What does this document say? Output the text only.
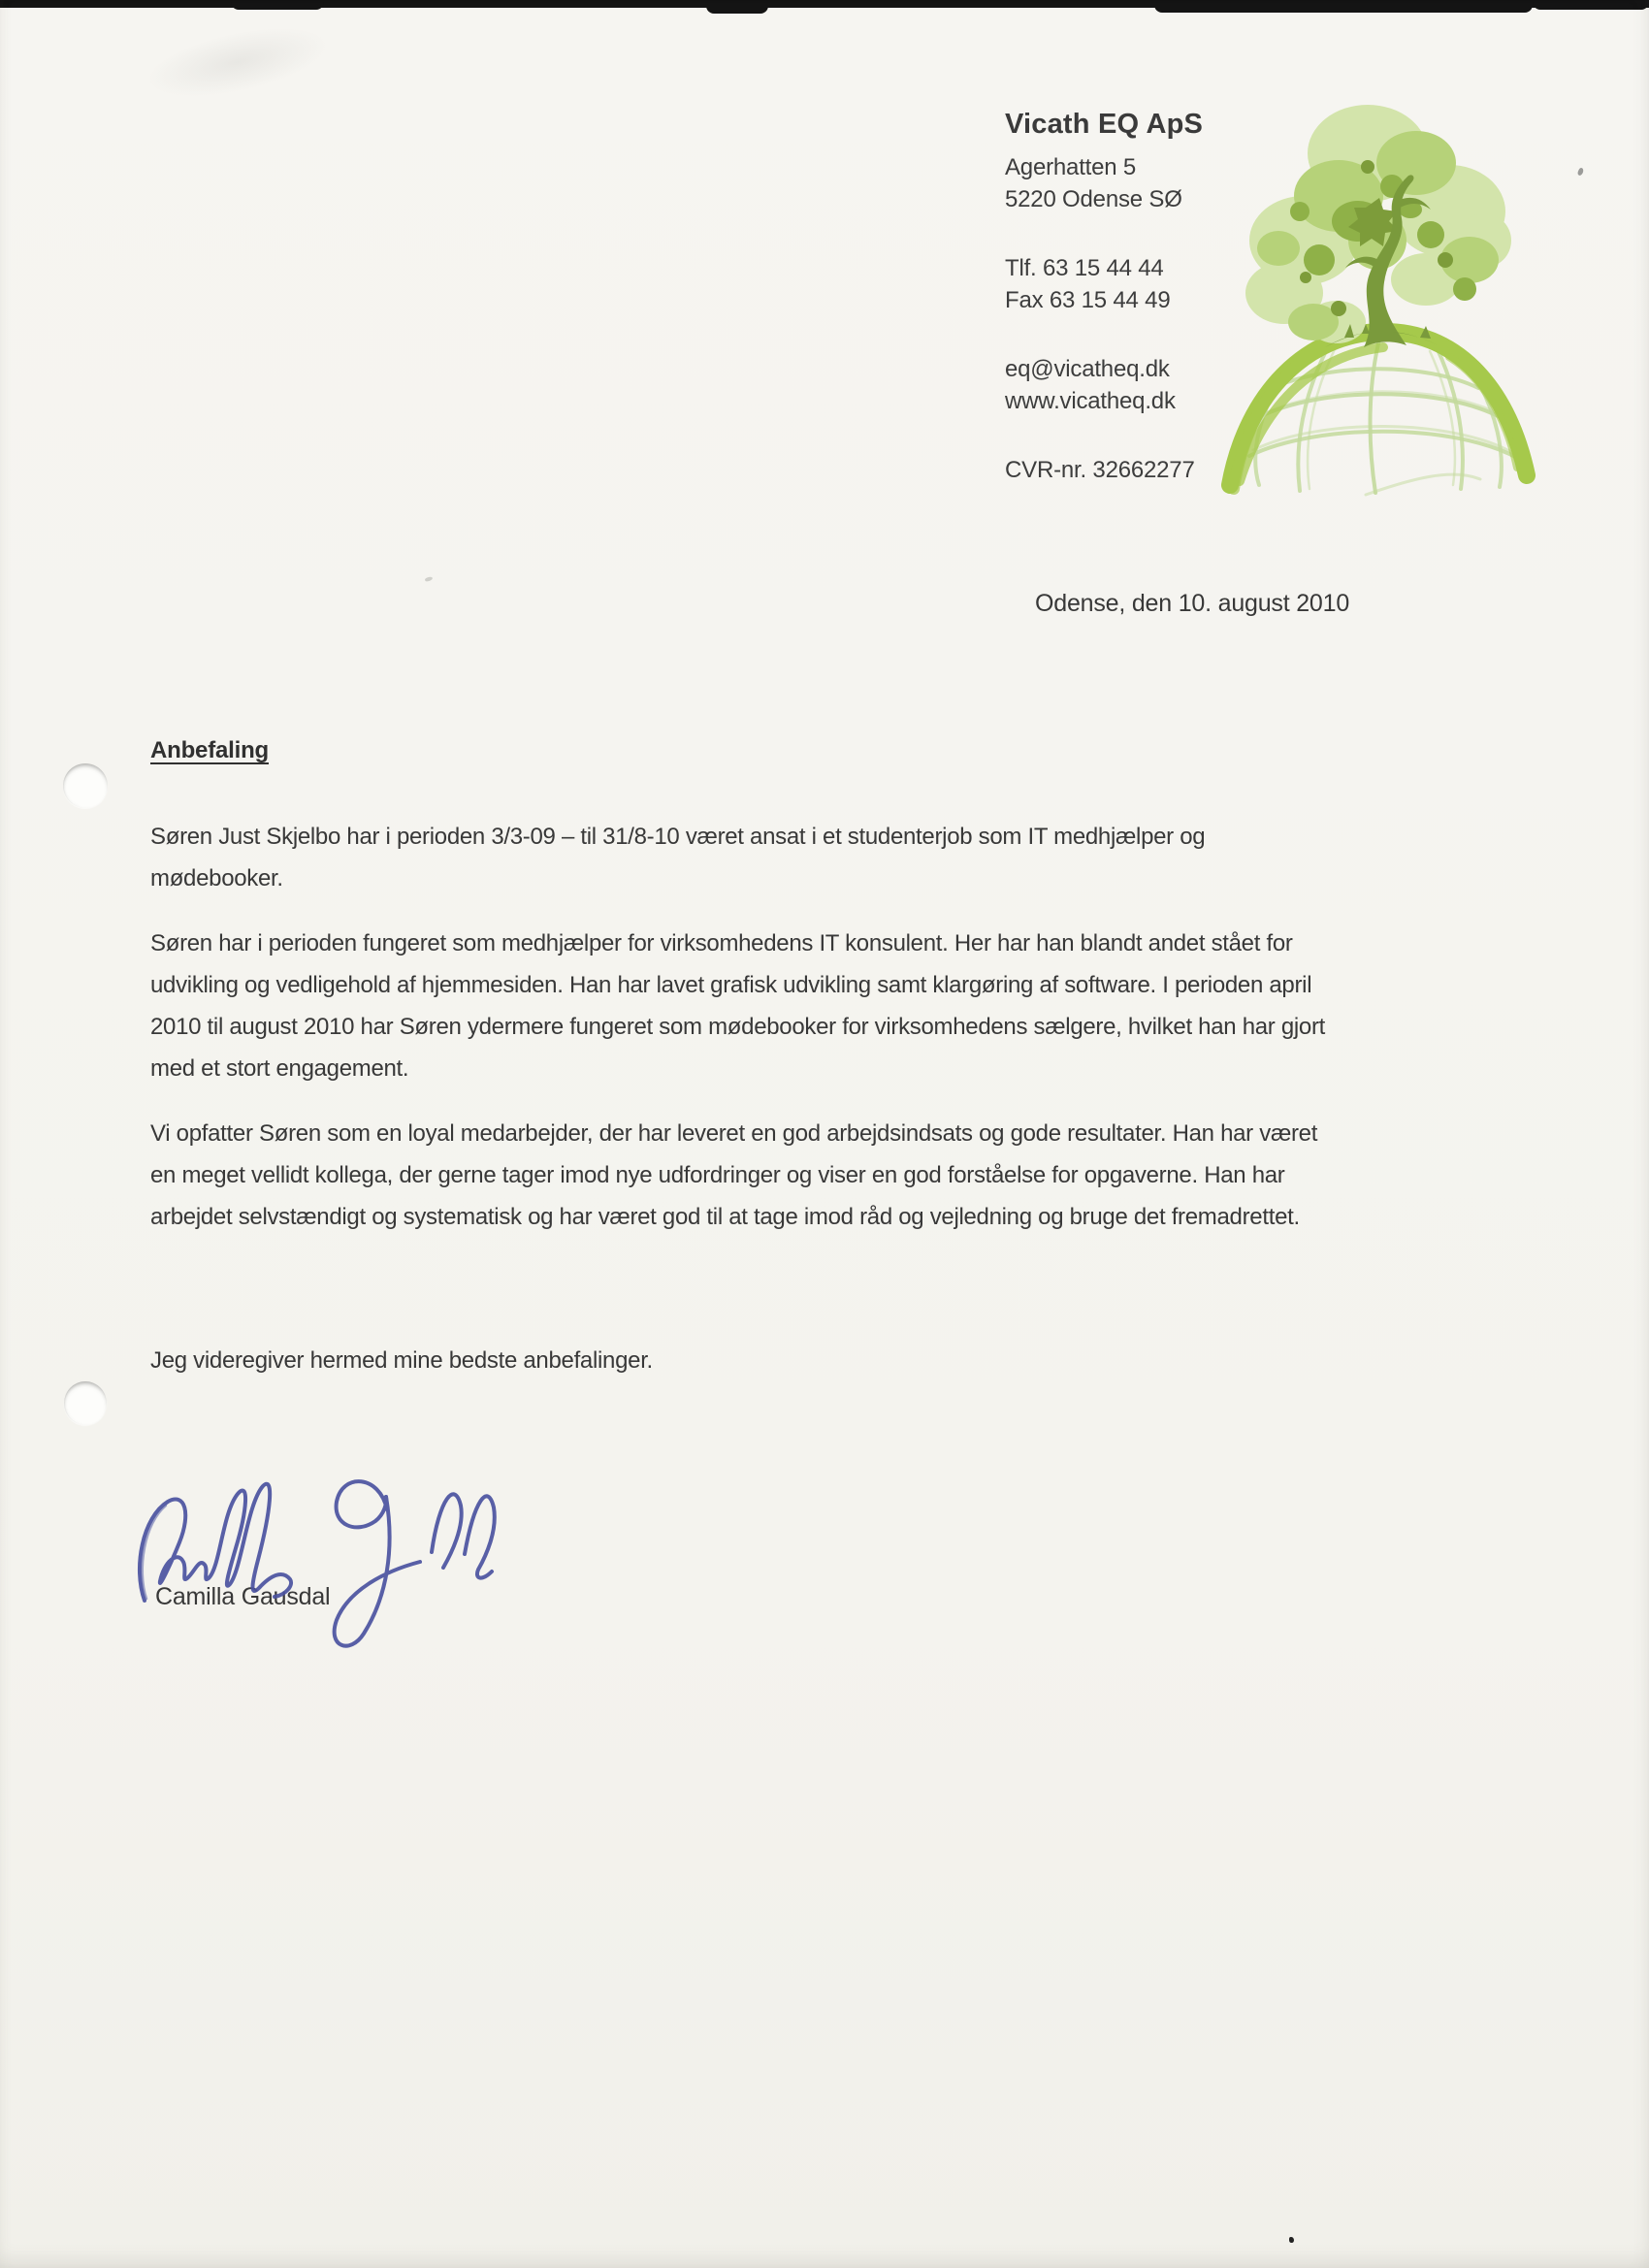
Vicath EQ ApS
Agerhatten 5
5220 Odense SØ
Tlf. 63 15 44 44
Fax 63 15 44 49
eq@vicatheq.dk
www.vicatheq.dk
CVR-nr. 32662277
Odense, den 10. august 2010
Anbefaling

Søren Just Skjelbo har i perioden 3/3-09 – til 31/8-10 været ansat i et studenterjob som IT medhjælper og mødebooker.

Søren har i perioden fungeret som medhjælper for virksomhedens IT konsulent. Her har han blandt andet stået for udvikling og vedligehold af hjemmesiden. Han har lavet grafisk udvikling samt klargøring af software. I perioden april 2010 til august 2010 har Søren ydermere fungeret som mødebooker for virksomhedens sælgere, hvilket han har gjort med et stort engagement.

Vi opfatter Søren som en loyal medarbejder, der har leveret en god arbejdsindsats og gode resultater. Han har været en meget vellidt kollega, der gerne tager imod nye udfordringer og viser en god forståelse for opgaverne. Han har arbejdet selvstændigt og systematisk og har været god til at tage imod råd og vejledning og bruge det fremadrettet.

Jeg videregiver hermed mine bedste anbefalinger.

Camilla Gausdal
